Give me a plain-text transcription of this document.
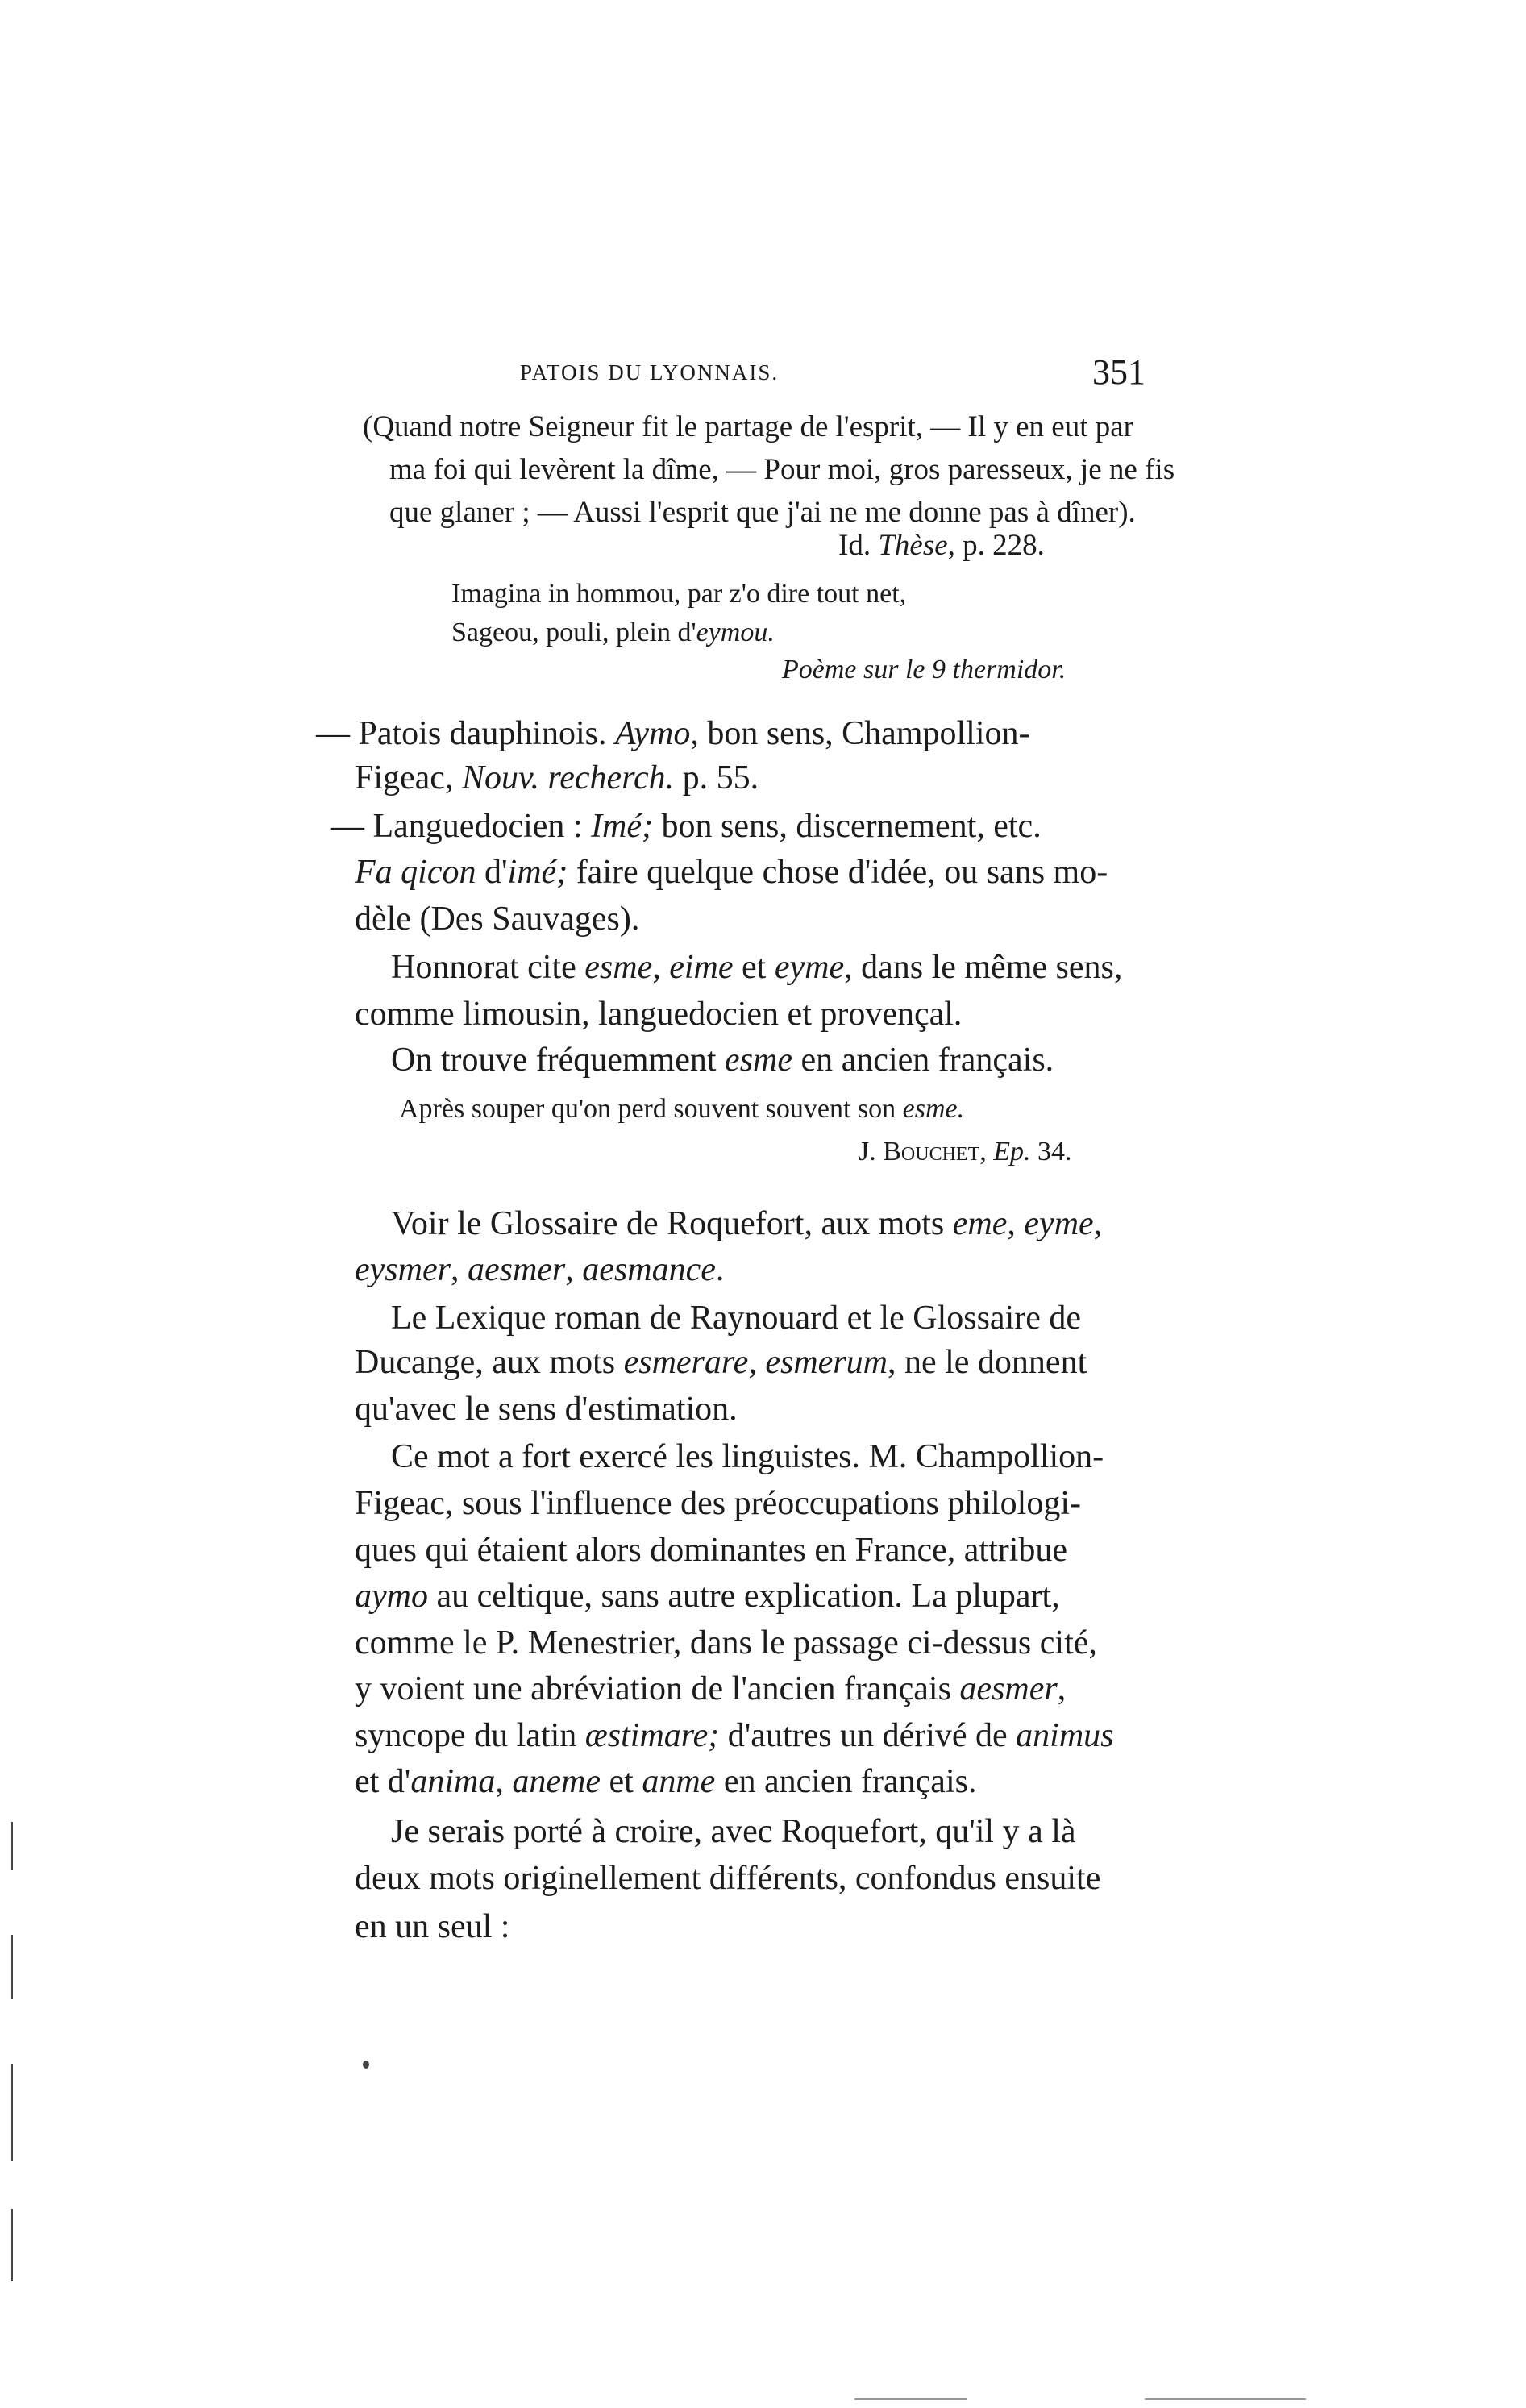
PATOIS DU LYONNAIS.	351
(Quand notre Seigneur fit le partage de l'esprit, — Il y en eut par
ma foi qui levèrent la dîme, — Pour moi, gros paresseux, je ne fis
que glaner ; — Aussi l'esprit que j'ai ne me donne pas à dîner).
Id. Thèse, p. 228.
Imagina in hommou, par z'o dire tout net,
Sageou, pouli, plein d'eymou.
Poème sur le 9 thermidor.
— Patois dauphinois. Aymo, bon sens, Champollion-
Figeac, Nouv. recherch. p. 55.
— Languedocien : Imé; bon sens, discernement, etc.
Fa qicon d'imé; faire quelque chose d'idée, ou sans mo-
dèle (Des Sauvages).
Honnorat cite esme, eime et eyme, dans le même sens,
comme limousin, languedocien et provençal.
On trouve fréquemment esme en ancien français.
Après souper qu'on perd souvent souvent son esme.
J. Bouchet, Ep. 34.
Voir le Glossaire de Roquefort, aux mots eme, eyme,
eysmer, aesmer, aesmance.
Le Lexique roman de Raynouard et le Glossaire de
Ducange, aux mots esmerare, esmerum, ne le donnent
qu'avec le sens d'estimation.
Ce mot a fort exercé les linguistes. M. Champollion-
Figeac, sous l'influence des préoccupations philologi-
ques qui étaient alors dominantes en France, attribue
aymo au celtique, sans autre explication. La plupart,
comme le P. Menestrier, dans le passage ci-dessus cité,
y voient une abréviation de l'ancien français aesmer,
syncope du latin æstimare; d'autres un dérivé de animus
et d'anima, aneme et anme en ancien français.
Je serais porté à croire, avec Roquefort, qu'il y a là
deux mots originellement différents, confondus ensuite
en un seul :
